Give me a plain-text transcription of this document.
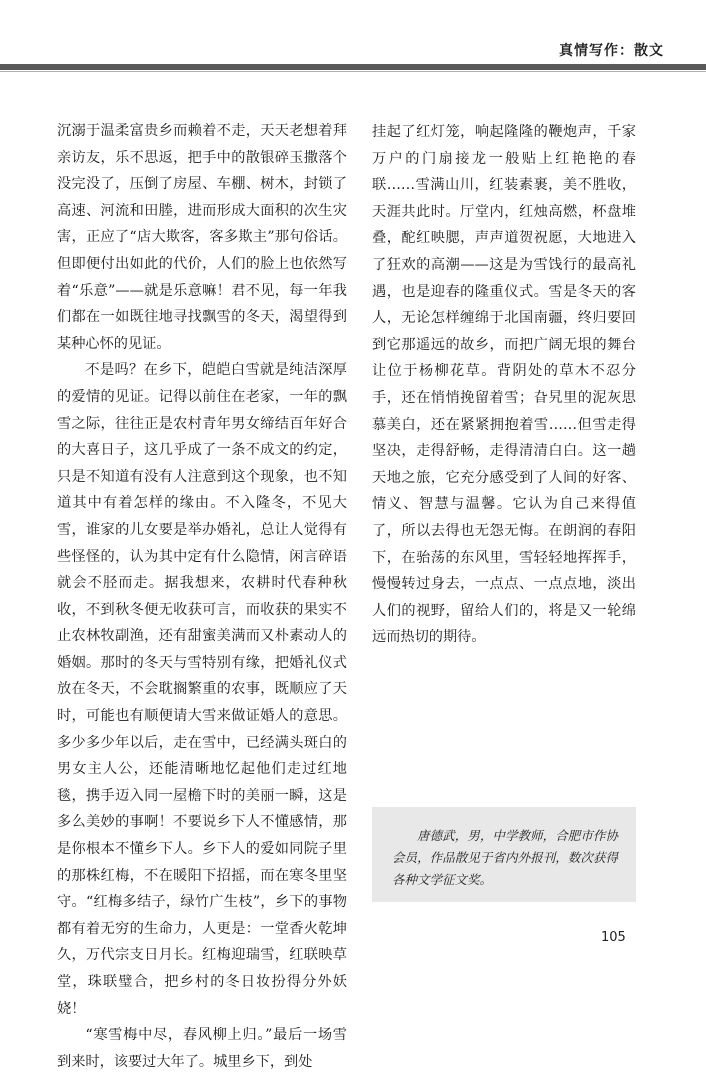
真情写作：散文

沉溺于温柔富贵乡而赖着不走，天天老想着拜亲访友，乐不思返，把手中的散银碎玉撒落个没完没了，压倒了房屋、车棚、树木，封锁了高速、河流和田塍，进而形成大面积的次生灾害，正应了“店大欺客，客多欺主”那句俗话。但即便付出如此的代价，人们的脸上也依然写着“乐意”——就是乐意嘛！君不见，每一年我们都在一如既往地寻找飘雪的冬天，渴望得到某种心怀的见证。

不是吗？在乡下，皑皑白雪就是纯洁深厚的爱情的见证。记得以前住在老家，一年的飘雪之际，往往正是农村青年男女缔结百年好合的大喜日子，这几乎成了一条不成文的约定，只是不知道有没有人注意到这个现象，也不知道其中有着怎样的缘由。不入隆冬，不见大雪，谁家的儿女要是举办婚礼，总让人觉得有些怪怪的，认为其中定有什么隐情，闲言碎语就会不胫而走。据我想来，农耕时代春种秋收，不到秋冬便无收获可言，而收获的果实不止农林牧副渔，还有甜蜜美满而又朴素动人的婚姻。那时的冬天与雪特别有缘，把婚礼仪式放在冬天，不会耽搁繁重的农事，既顺应了天时，可能也有顺便请大雪来做证婚人的意思。多少多少年以后，走在雪中，已经满头斑白的男女主人公，还能清晰地忆起他们走过红地毯，携手迈入同一屋檐下时的美丽一瞬，这是多么美妙的事啊！不要说乡下人不懂感情，那是你根本不懂乡下人。乡下人的爱如同院子里的那株红梅，不在暖阳下招摇，而在寒冬里坚守。“红梅多结子，绿竹广生枝”，乡下的事物都有着无穷的生命力，人更是：一堂香火乾坤久，万代宗支日月长。红梅迎瑞雪，红联映草堂，珠联璧合，把乡村的冬日妆扮得分外妖娆！

“寒雪梅中尽，春风柳上归。”最后一场雪到来时，该要过大年了。城里乡下，到处

挂起了红灯笼，响起隆隆的鞭炮声，千家万户的门扇接龙一般贴上红艳艳的春联……雪满山川，红装素裹，美不胜收，天涯共此时。厅堂内，红烛高燃，杯盘堆叠，酡红映腮，声声道贺祝愿，大地进入了狂欢的高潮——这是为雪饯行的最高礼遇，也是迎春的隆重仪式。雪是冬天的客人，无论怎样缠绵于北国南疆，终归要回到它那遥远的故乡，而把广阔无垠的舞台让位于杨柳花草。背阴处的草木不忍分手，还在悄悄挽留着雪；旮旯里的泥灰思慕美白，还在紧紧拥抱着雪……但雪走得坚决，走得舒畅，走得清清白白。这一趟天地之旅，它充分感受到了人间的好客、情义、智慧与温馨。它认为自己来得值了，所以去得也无怨无悔。在朗润的春阳下，在骀荡的东风里，雪轻轻地挥挥手，慢慢转过身去，一点点、一点点地，淡出人们的视野，留给人们的，将是又一轮绵远而热切的期待。

唐德武，男，中学教师，合肥市作协会员，作品散见于省内外报刊，数次获得各种文学征文奖。
105
